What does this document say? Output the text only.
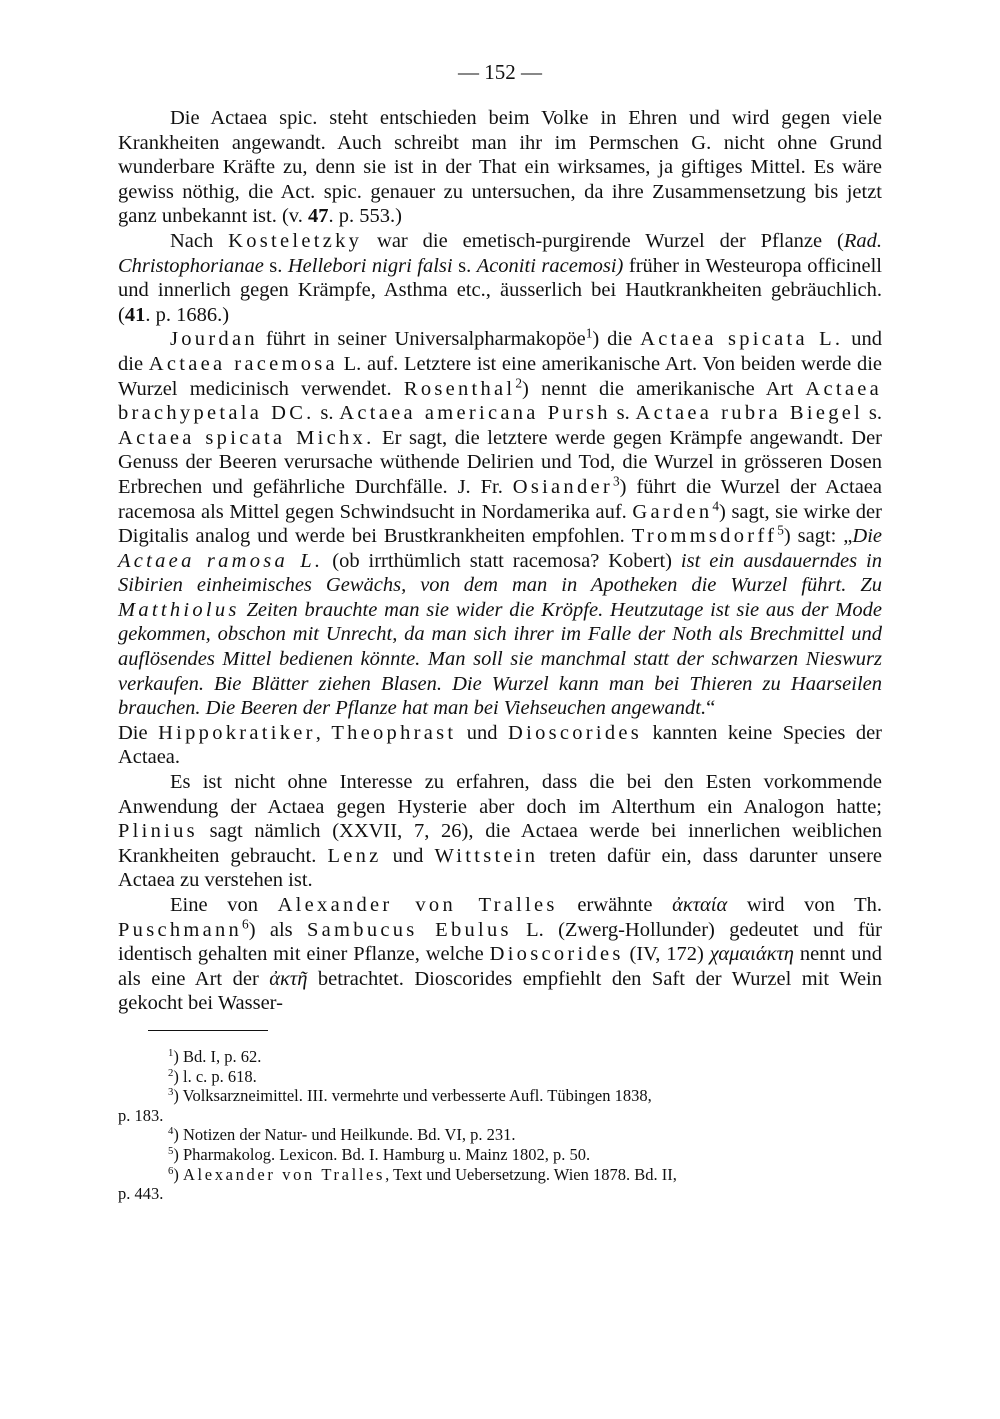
— 152 —

Die Actaea spic. steht entschieden beim Volke in Ehren und wird gegen viele Krankheiten angewandt. Auch schreibt man ihr im Permschen G. nicht ohne Grund wunderbare Kräfte zu, denn sie ist in der That ein wirksames, ja giftiges Mittel. Es wäre gewiss nöthig, die Act. spic. genauer zu untersuchen, da ihre Zusammensetzung bis jetzt ganz unbekannt ist. (v. 47. p. 553.)

Nach Kosteletzky war die emetisch-purgirende Wurzel der Pflanze (Rad. Christophorianae s. Hellebori nigri falsi s. Aconiti racemosi) früher in Westeuropa officinell und innerlich gegen Krämpfe, Asthma etc., äusserlich bei Hautkrankheiten gebräuchlich. (41. p. 1686.)

Jourdan führt in seiner Universalpharmakopöe$^1$) die Actaea spicata L. und die Actaea racemosa L. auf. Letztere ist eine amerikanische Art. Von beiden werde die Wurzel medicinisch verwendet. Rosenthal$^2$) nennt die amerikanische Art Actaea brachypetala DC. s. Actaea americana Pursh s. Actaea rubra Biegel s. Actaea spicata Michx. Er sagt, die letztere werde gegen Krämpfe angewandt. Der Genuss der Beeren verursache wüthende Delirien und Tod, die Wurzel in grösseren Dosen Erbrechen und gefährliche Durchfälle. J. Fr. Osiander$^3$) führt die Wurzel der Actaea racemosa als Mittel gegen Schwindsucht in Nordamerika auf. Garden$^4$) sagt, sie wirke der Digitalis analog und werde bei Brustkrankheiten empfohlen. Trommsdorff$^5$) sagt: „Die Actaea ramosa L. (ob irrthümlich statt racemosa? Kobert) ist ein ausdauerndes in Sibirien einheimisches Gewächs, von dem man in Apotheken die Wurzel führt. Zu Matthiolus Zeiten brauchte man sie wider die Kröpfe. Heutzutage ist sie aus der Mode gekommen, obschon mit Unrecht, da man sich ihrer im Falle der Noth als Brechmittel und auflösendes Mittel bedienen könnte. Man soll sie manchmal statt der schwarzen Nieswurz verkaufen. Bie Blätter ziehen Blasen. Die Wurzel kann man bei Thieren zu Haarseilen brauchen. Die Beeren der Pflanze hat man bei Viehseuchen angewandt.“

Die Hippokratiker, Theophrast und Dioscorides kannten keine Species der Actaea.

Es ist nicht ohne Interesse zu erfahren, dass die bei den Esten vorkommende Anwendung der Actaea gegen Hysterie aber doch im Alterthum ein Analogon hatte; Plinius sagt nämlich (XXVII, 7, 26), die Actaea werde bei innerlichen weiblichen Krankheiten gebraucht. Lenz und Wittstein treten dafür ein, dass darunter unsere Actaea zu verstehen ist.

Eine von Alexander von Tralles erwähnte ἀκταία wird von Th. Puschmann$^6$) als Sambucus Ebulus L. (Zwerg-Hollunder) gedeutet und für identisch gehalten mit einer Pflanze, welche Dioscorides (IV, 172) χαμαιάκτη nennt und als eine Art der ἀκτῆ betrachtet. Dioscorides empfiehlt den Saft der Wurzel mit Wein gekocht bei Wasser-

$^1$) Bd. I, p. 62.
$^2$) l. c. p. 618.
$^3$) Volksarzneimittel. III. vermehrte und verbesserte Aufl. Tübingen 1838,
p. 183.
$^4$) Notizen der Natur- und Heilkunde. Bd. VI, p. 231.
$^5$) Pharmakolog. Lexicon. Bd. I. Hamburg u. Mainz 1802, p. 50.
$^6$) Alexander von Tralles, Text und Uebersetzung. Wien 1878. Bd. II,
p. 443.
